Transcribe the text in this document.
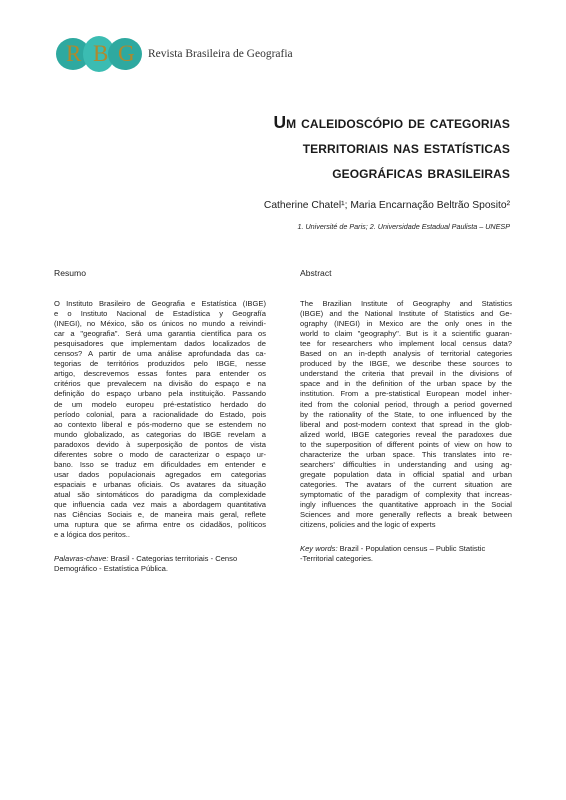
R B G Revista Brasileira de Geografia
Um caleidoscópio de categorias
territoriais nas estatísticas
geográficas brasileiras
Catherine Chatel¹; Maria Encarnação Beltrão Sposito²
1. Université de Paris; 2. Universidade Estadual Paulista – UNESP
Resumo
O Instituto Brasileiro de Geografia e Estatística (IBGE)
e o Instituto Nacional de Estadística y Geografía
(INEGI), no México, são os únicos no mundo a reivindi-
car a "geografia". Será uma garantia científica para os
pesquisadores que implementam dados localizados de
censos? A partir de uma análise aprofundada das ca-
tegorias de territórios produzidos pelo IBGE, nesse
artigo, descrevemos essas fontes para entender os
critérios que prevalecem na divisão do espaço e na
definição do espaço urbano pela instituição. Passando
de um modelo europeu pré-estatístico herdado do
período colonial, para a racionalidade do Estado, pois
ao contexto liberal e pós-moderno que se estendem no
mundo globalizado, as categorias do IBGE revelam a
paradoxos devido à superposição de pontos de vista
diferentes sobre o modo de caracterizar o espaço ur-
bano. Isso se traduz em dificuldades em entender e
usar dados populacionais agregados em categorias
espaciais e urbanas oficiais. Os avatares da situação
atual são sintomáticos do paradigma da complexidade
que influencia cada vez mais a abordagem quantitativa
nas Ciências Sociais e, de maneira mais geral, reflete
uma ruptura que se afirma entre os cidadãos, políticos
e a lógica dos peritos..
Palavras-chave: Brasil - Categorias territoriais - Censo
Demográfico - Estatística Pública.
Abstract
The Brazilian Institute of Geography and Statistics
(IBGE) and the National Institute of Statistics and Ge-
ography (INEGI) in Mexico are the only ones in the
world to claim "geography". But is it a scientific guaran-
tee for researchers who implement local census data?
Based on an in-depth analysis of territorial categories
produced by the IBGE, we describe these sources to
understand the criteria that prevail in the divisions of
space and in the definition of the urban space by the
institution. From a pre-statistical European model inher-
ited from the colonial period, through a period governed
by the rationality of the State, to one influenced by the
liberal and post-modern context that spread in the glob-
alized world, IBGE categories reveal the paradoxes due
to the superposition of different points of view on how to
characterize the urban space. This translates into re-
searchers' difficulties in understanding and using ag-
gregate population data in official spatial and urban
categories. The avatars of the current situation are
symptomatic of the paradigm of complexity that increas-
ingly influences the quantitative approach in the Social
Sciences and more generally reflects a break between
citizens, policies and the logic of experts
Key words: Brazil - Population census – Public Statistic
-Territorial categories.
